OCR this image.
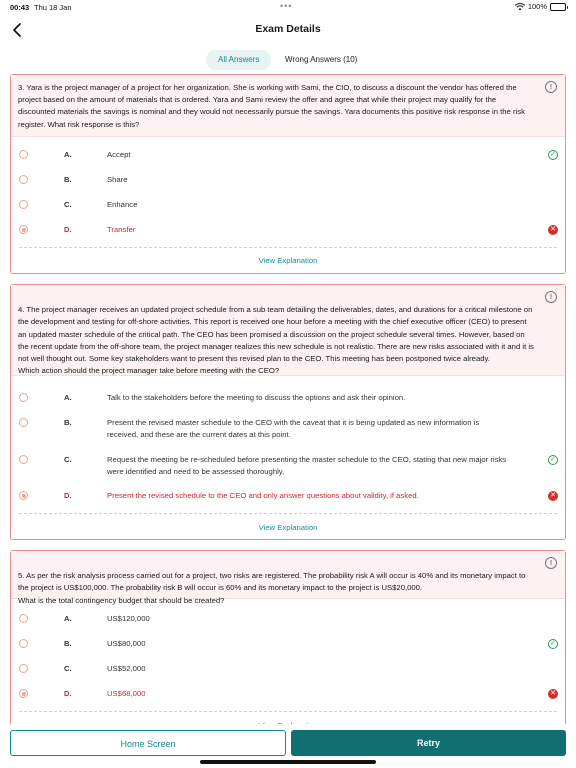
00:43 Thu 18 Jan	•••	100%
Exam Details
All Answers	Wrong Answers (10)
3. Yara is the project manager of a project for her organization. She is working with Sami, the CIO, to discuss a discount the vendor has offered the project based on the amount of materials that is ordered. Yara and Sami review the offer and agree that while their project may qualify for the discounted materials the savings is nominal and they would not necessarily pursue the savings. Yara documents this positive risk response in the risk register. What risk response is this?
!
A.	Accept	✓
B.	Share
C.	Enhance
D.	Transfer	✕
View Explanation

4. The project manager receives an updated project schedule from a sub team detailing the deliverables, dates, and durations for a critical milestone on the development and testing for off-shore activities. This report is received one hour before a meeting with the chief executive officer (CEO) to present an updated master schedule of the critical path. The CEO has been promised a discussion on the project schedule several times. However, based on the recent update from the off-shore team, the project manager realizes this new schedule is not realistic. There are new risks associated with it and it is not well thought out. Some key stakeholders want to present this revised plan to the CEO. This meeting has been postponed twice already.
Which action should the project manager take before meeting with the CEO?

!

A.	Talk to the stakeholders before the meeting to discuss the options and ask their opinion.
B.	Present the revised master schedule to the CEO with the caveat that it is being updated as new information is received, and these are the current dates at this point.
C.	Request the meeting be re-scheduled before presenting the master schedule to the CEO, stating that new major risks were identified and need to be assessed thoroughly.
✓
D.	Present the revised schedule to the CEO and only answer questions about validity, if asked.	✕
View Explanation

5. As per the risk analysis process carried out for a project, two risks are registered. The probability risk A will occur is 40% and its monetary impact to the project is US$100,000. The probability risk B will occur is 60% and its monetary impact to the project is US$20,000.
What is the total contingency budget that should be created?

!

A.	US$120,000
B.	US$80,000	✓
C.	US$52,000
D.	US$68,000	✕
Home Screen	Retry
